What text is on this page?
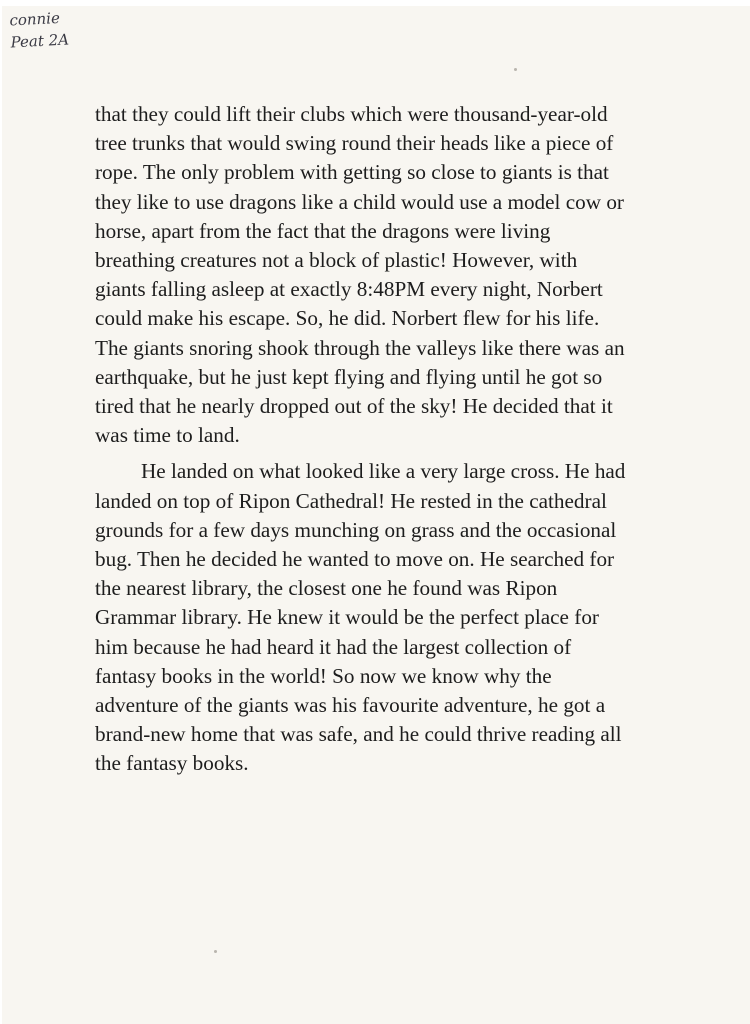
connie
Peat 2A
that they could lift their clubs which were thousand-year-old
tree trunks that would swing round their heads like a piece of
rope. The only problem with getting so close to giants is that
they like to use dragons like a child would use a model cow or
horse, apart from the fact that the dragons were living
breathing creatures not a block of plastic! However, with
giants falling asleep at exactly 8:48PM every night, Norbert
could make his escape. So, he did. Norbert flew for his life.
The giants snoring shook through the valleys like there was an
earthquake, but he just kept flying and flying until he got so
tired that he nearly dropped out of the sky! He decided that it
was time to land.
He landed on what looked like a very large cross. He had
landed on top of Ripon Cathedral! He rested in the cathedral
grounds for a few days munching on grass and the occasional
bug. Then he decided he wanted to move on. He searched for
the nearest library, the closest one he found was Ripon
Grammar library. He knew it would be the perfect place for
him because he had heard it had the largest collection of
fantasy books in the world! So now we know why the
adventure of the giants was his favourite adventure, he got a
brand-new home that was safe, and he could thrive reading all
the fantasy books.
